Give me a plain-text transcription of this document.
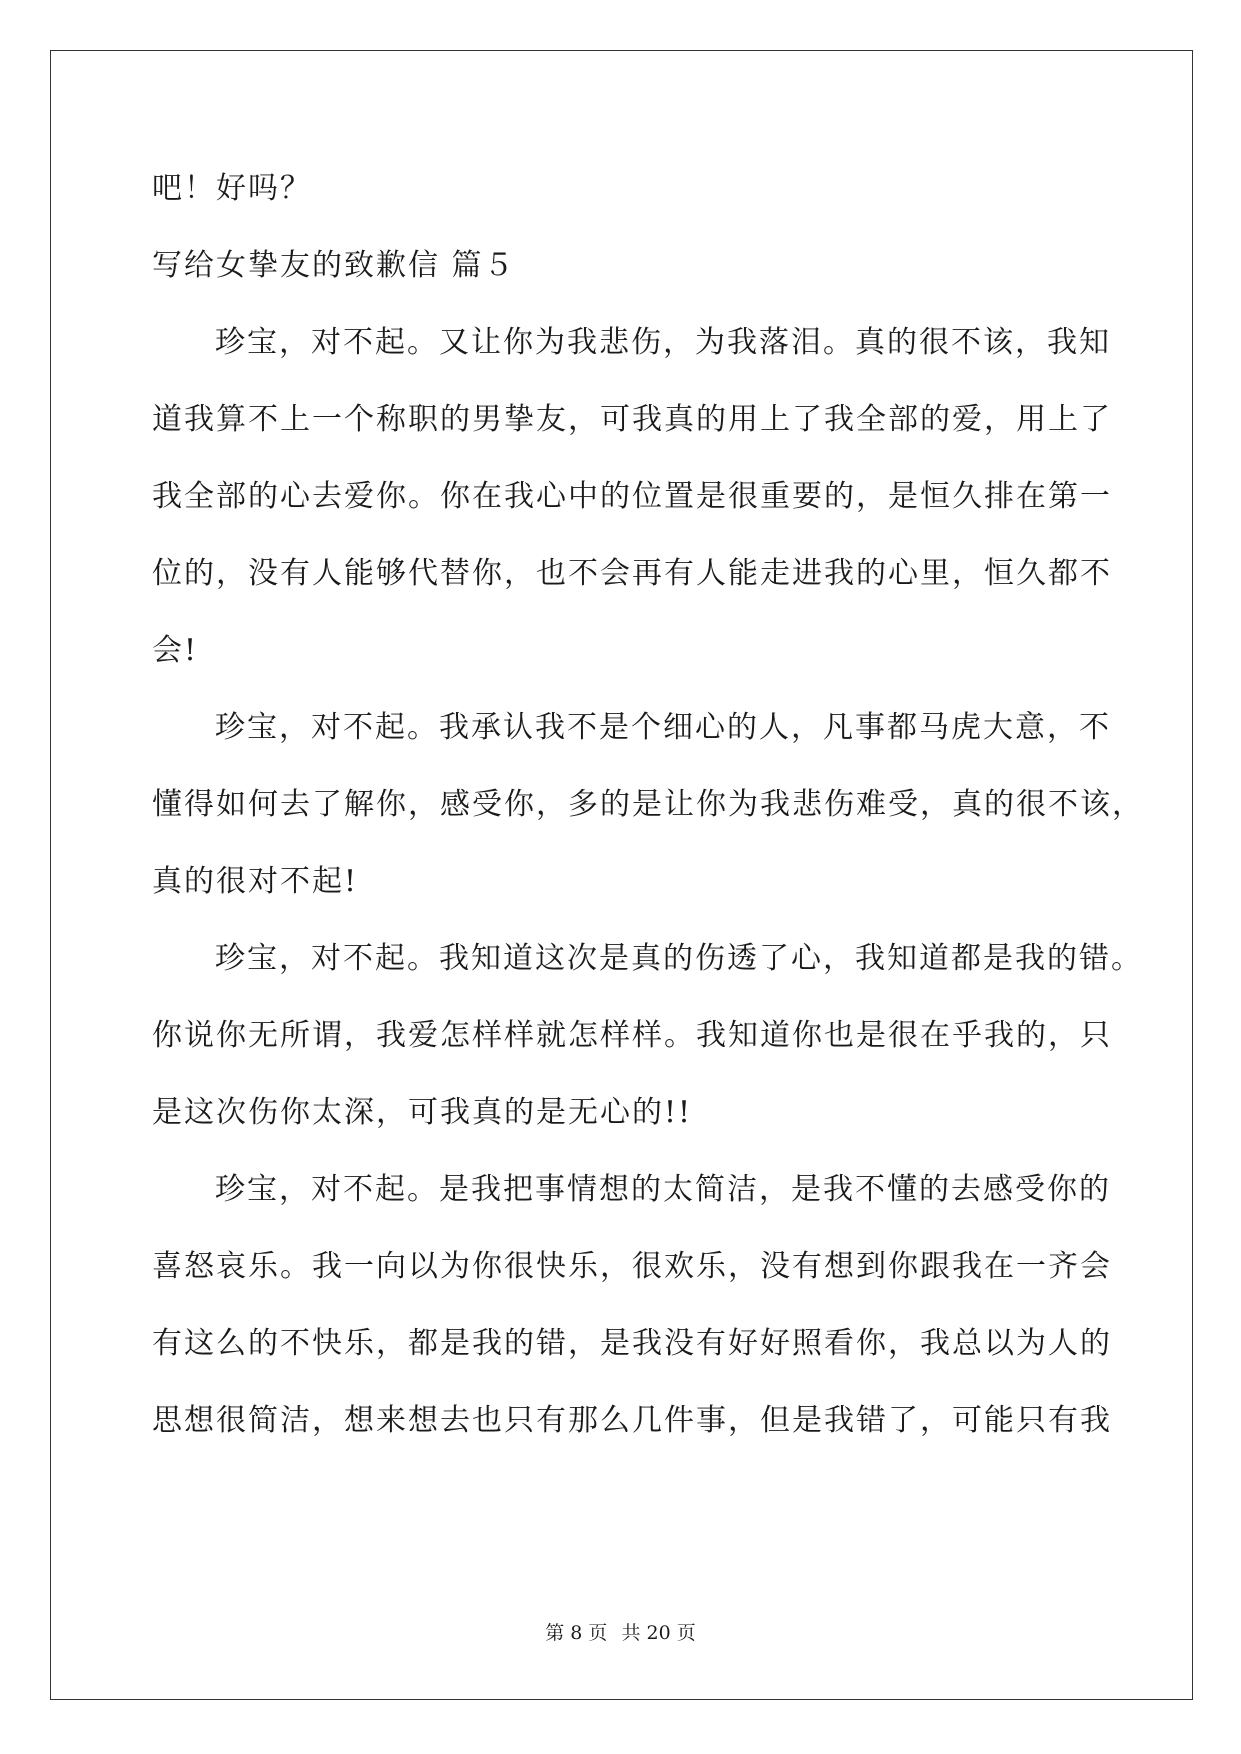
吧！好吗？
写给女挚友的致歉信 篇５
珍宝，对不起。又让你为我悲伤，为我落泪。真的很不该，我知
道我算不上一个称职的男挚友，可我真的用上了我全部的爱，用上了
我全部的心去爱你。你在我心中的位置是很重要的，是恒久排在第一
位的，没有人能够代替你，也不会再有人能走进我的心里，恒久都不
会!
珍宝，对不起。我承认我不是个细心的人，凡事都马虎大意，不
懂得如何去了解你，感受你，多的是让你为我悲伤难受，真的很不该，
真的很对不起!
珍宝，对不起。我知道这次是真的伤透了心，我知道都是我的错。
你说你无所谓，我爱怎样样就怎样样。我知道你也是很在乎我的，只
是这次伤你太深，可我真的是无心的!!
珍宝，对不起。是我把事情想的太简洁，是我不懂的去感受你的
喜怒哀乐。我一向以为你很快乐，很欢乐，没有想到你跟我在一齐会
有这么的不快乐，都是我的错，是我没有好好照看你，我总以为人的
思想很简洁，想来想去也只有那么几件事，但是我错了，可能只有我
第 8 页 共 20 页
